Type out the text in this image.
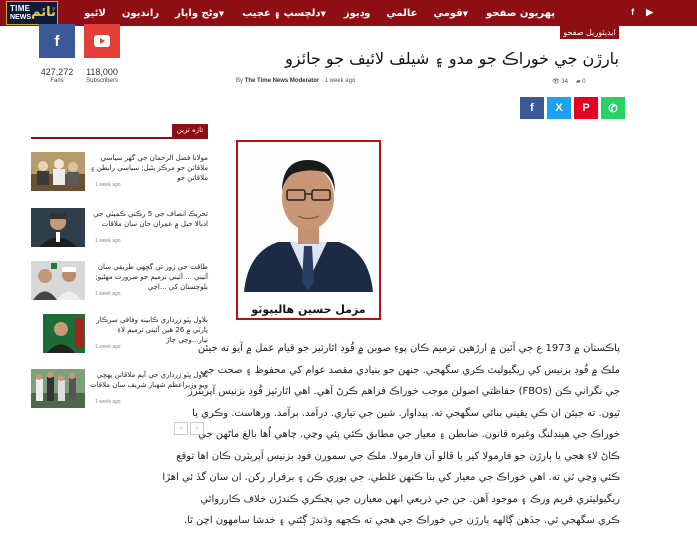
TIME
NEWS ٽائم	پهريون صفحو
قومي▼
عالمي
وڊيوز
دلچسپ ۽ عجيب▼
وڻج واپار▼
رانديون
لائيو	f ▶
ايڊيٽوريل صفحو
f
427,272
Fans
118,000
Subscribers
بارڙن جي خوراڪ جو مدو ۽ شيلف لائيف جو جائزو
By The Time News Moderator · 1 week ago	👁 34 ▰ 0
f	X	P	✆
تازه ترين
مولانا فضل الرحمان جي گهر سياسي ملاقاتن جو مرڪز بڻيل; سياسي رابطن ۽ ملاقاتن جو
1 week ago
تحريڪ انصاف جي 5 رڪني ڪميٽي جي اڊيالا جيل ۾ عمران خان سان ملاقات
1 week ago
طاقت جي زور تي گڇهي طريقي سان آئيني ... آئيني ترميم جو ضرورت مهڻيو; بلوچستان کي ...اڃي
1 week ago
بلاول ڀٽو زرداري ڪابينه وفاقي سرڪار پارٽي ۾ 26 هين آئيني ترميم لاءِ تيار...وڃي ڄاڙ
1 week ago
بلاول ڀٽو زرداري جي آيم ملاقاتن پهچي ويو وزيراعظم شهباز شريف سان ملاقات
1 week ago
‹	›
مزمل حسين هاليپوٽو

پاڪستان ۾ 1973 ع جي آئين ۾ ارڙهين ترميم ڪان پوءِ صوبن ۾ فُوڊ اٿارٽيز جو قيام عمل ۾ آيو ته جيئن

ملڪ ۾ فُوڊ بزنيس کي ريگيوليٽ ڪري سگهجي. جنهن جو بنيادي مقصد عوام کي محفوظ ۽ صحت جي

جي نگراني ڪن (FBOs) حفاظتي اصولن موجب خوراڪ فراهم ڪرڻ آهي. اهي اٿارٽيز فُوڊ بزنيس آپريٽرز

ٿيون. ته جيئن ان ڪي يقيني بنائي سگهجي ته. پيداوار. شين جي تياري. درآمد. برآمد. ورهاست. وڪري يا

خوراڪ جي هينڊلنگ وغيره قانون. ضابطن ۽ معيار جي مطابق ڪئي پئي وڃي. چاهي اُها بالغ ماڻهن جي

ڪاڻ لاءِ هجي يا ٻارڙن جو فارمولا کير يا ڦالو اَن فارمولا. ملڪ جي سمورن فوڊ بزنيس آپريٽرن ڪان اها توقع

ڪئي وڃي ٿي ته. اهي خوراڪ جي معيار کي بنا ڪنهن غلطي. جي پوري ڪن ۽ برقرار رکن. ان سان گڏ ئي اهڙا

ريگيوليٽري فريم ورڪ ۽ موجود آهن. جن جي ذريعي انهن معيارن جي پڄڪري ڪندڙن خلاف ڪارروائي

ڪري سگهجي ٿي. جڏهن ڳالهه ٻارڙن جي خوراڪ جي هجي ته ڪجهه وڌندڙ ڳڻتي ۽ خدشا سامهون اچن ٿا.
